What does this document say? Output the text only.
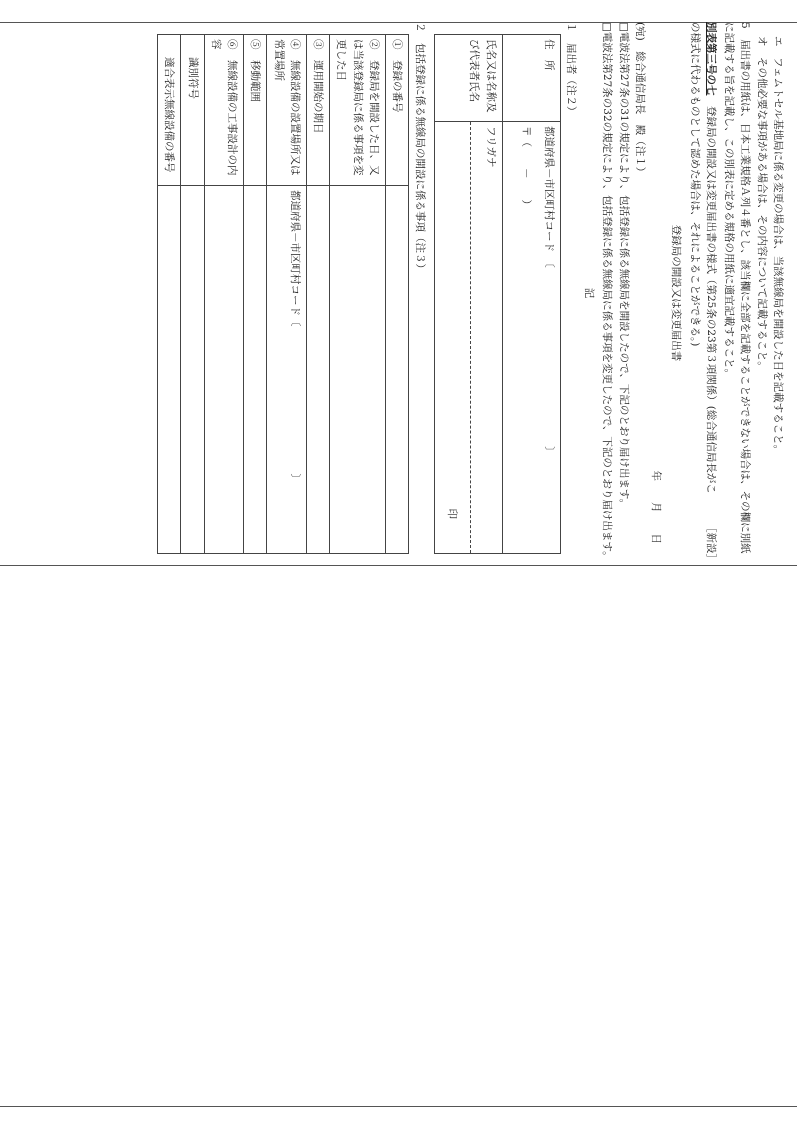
エ　フェムトセル基地局に係る変更の場合は、当該無線局を開設した日を記載すること。

オ　その他必要な事項がある場合は、その内容について記載すること。

5　届出書の用紙は、日本工業規格Ａ列４番とし、該当欄に全部を記載することができない場合は、その欄に別紙に記載する旨を記載し、この別表に定める規格の用紙に適宜記載すること。

別表第三号の七　登録局の開設又は変更届出書の様式（第25条の23第３項関係）(総合通信局長がこの様式に代わるものとして認めた場合は、それによることができる。)

［新設］

登録局の開設又は変更届出書

年　　月　　日

(宛)　総合通信局長　殿（注１）

□電波法第27条の31の規定により、包括登録に係る無線局を開設したので、下記のとおり届け出ます。

□電波法第27条の32の規定により、包括登録に係る無線局に係る事項を変更したので、下記のとおり届け出ます。

記

１　届出者（注２）

住　所	都道府県－市区町村コード　〔　　　　　　　　　　　　　　　　　〕
〒（　　－　　）

氏名又は名称及び代表者氏名	フリガナ
	印

２　包括登録に係る無線局の開設に係る事項（注３）

①　登録の番号	
②　登録局を開設した日、又は当該登録局に係る事項を変更した日	
③　運用開始の期日	
④　無線設備の設置場所又は常置場所	都道府県－市区町村コード〔　　　　　　　　　　　　　　〕
⑤　移動範囲	
⑥　無線設備の工事設計の内容	
識別符号	
適合表示無線設備の番号	
